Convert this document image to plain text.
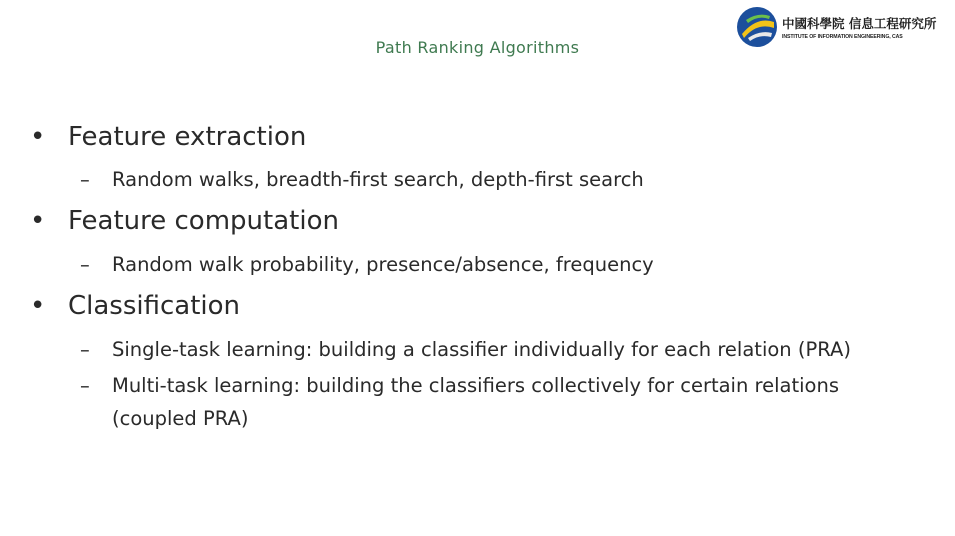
中國科學院 信息工程研究所
INSTITUTE OF INFORMATION ENGINEERING, CAS
Path Ranking Algorithms
• Feature extraction
– Random walks, breadth-first search, depth-first search
• Feature computation
– Random walk probability, presence/absence, frequency
• Classification
– Single-task learning: building a classifier individually for each relation (PRA)
– Multi-task learning: building the classifiers collectively for certain relations
(coupled PRA)
